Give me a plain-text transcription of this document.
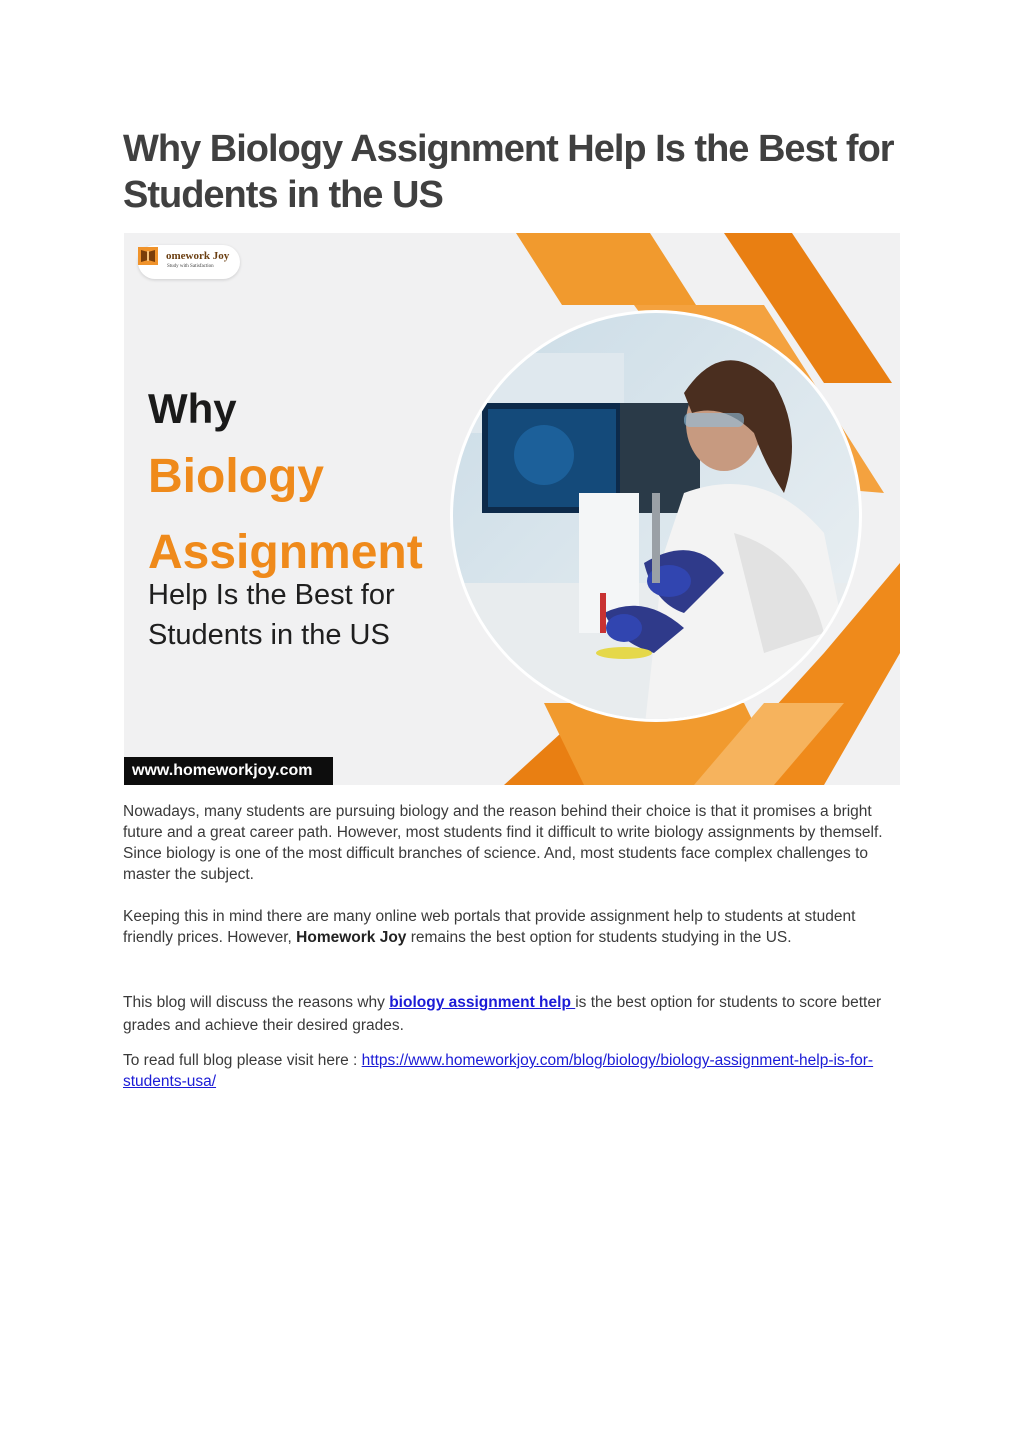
Why Biology Assignment Help Is the Best for Students in the US
omework Joy
Study with Satisfaction
Why
Biology
Assignment
Help Is the Best for
Students in the US
www.homeworkjoy.com

Nowadays, many students are pursuing biology and the reason behind their choice is that it promises a bright future and a great career path. However, most students find it difficult to write biology assignments by themself. Since biology is one of the most difficult branches of science. And, most students face complex challenges to master the subject.

Keeping this in mind there are many online web portals that provide assignment help to students at student friendly prices. However, Homework Joy remains the best option for students studying in the US.

This blog will discuss the reasons why biology assignment help is the best option for students to score better grades and achieve their desired grades.

To read full blog please visit here : https://www.homeworkjoy.com/blog/biology/biology-assignment-help-is-for-students-usa/
